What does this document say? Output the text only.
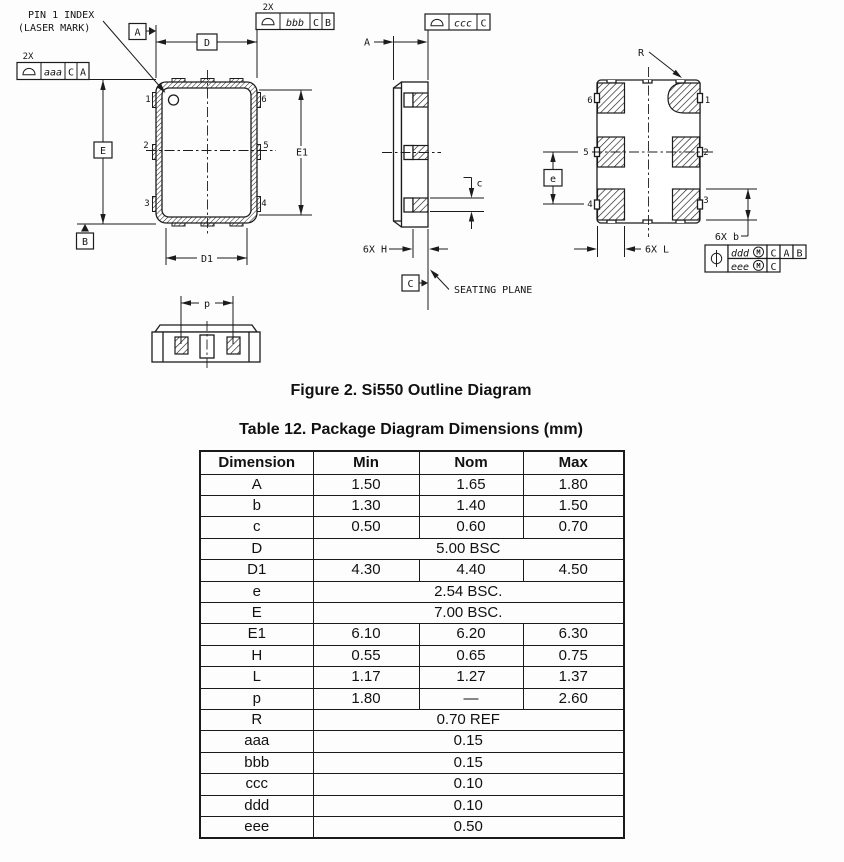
1
2
3
6
5
4
PIN 1 INDEX
(LASER MARK)
D
A
2X
bbb C B
2X
aaa C A
E
B
E1
D1
A
ccc C
c
6X H
C
SEATING PLANE
6	1
5	2
4	3
R
e
6X b
6X L	ddd M C A B
eee M C
p
Figure 2. Si550 Outline Diagram
Table 12. Package Diagram Dimensions (mm)
Dimension	Min	Nom	Max
A	1.50	1.65	1.80
b	1.30	1.40	1.50
c	0.50	0.60	0.70
D	5.00 BSC		
D1	4.30	4.40	4.50
e	2.54 BSC.		
E	7.00 BSC.		
E1	6.10	6.20	6.30
H	0.55	0.65	0.75
L	1.17	1.27	1.37
p	1.80	—	2.60
R	0.70 REF		
aaa	0.15		
bbb	0.15		
ccc	0.10		
ddd	0.10		
eee	0.50		
